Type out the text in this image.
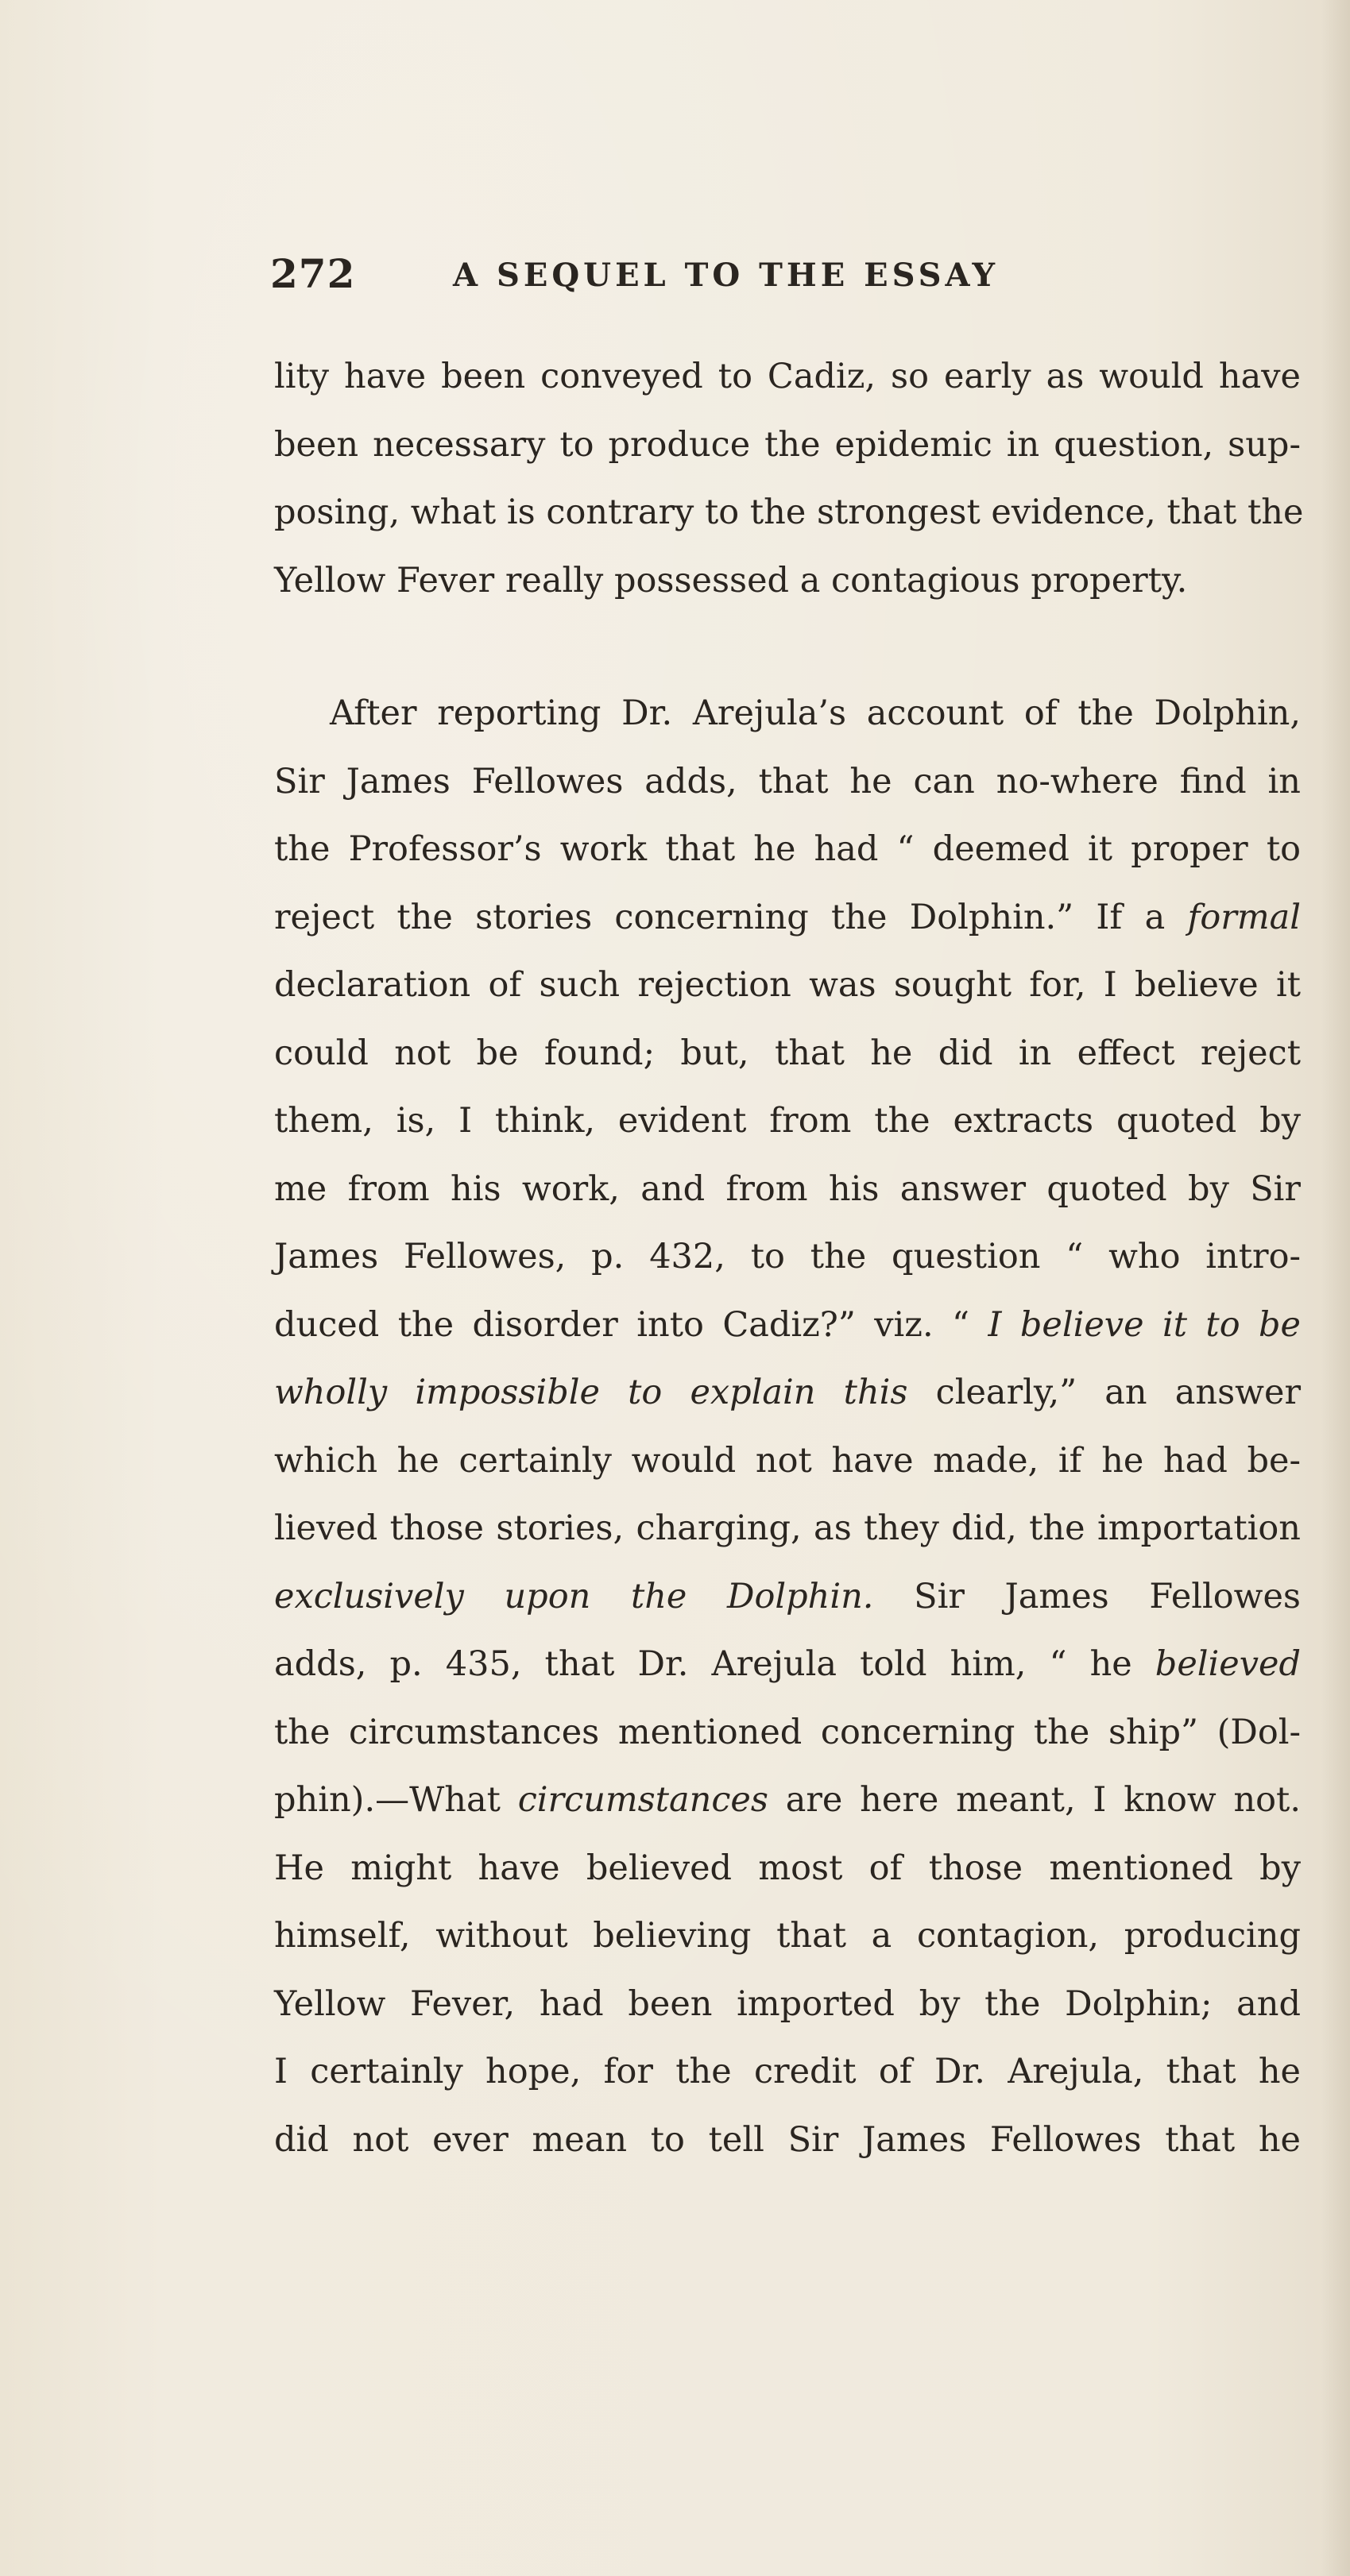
272	A SEQUEL TO THE ESSAY
lity have been conveyed to Cadiz, so early as would have
been necessary to produce the epidemic in question, sup-
posing, what is contrary to the strongest evidence, that the
Yellow Fever really possessed a contagious property.
After reporting Dr. Arejula’s account of the Dolphin,
Sir James Fellowes adds, that he can no-where find in
the Professor’s work that he had “ deemed it proper to
reject the stories concerning the Dolphin.” If a formal
declaration of such rejection was sought for, I believe it
could not be found; but, that he did in effect reject
them, is, I think, evident from the extracts quoted by
me from his work, and from his answer quoted by Sir
James Fellowes, p. 432, to the question “ who intro-
duced the disorder into Cadiz?” viz. “ I believe it to be
wholly impossible to explain this clearly,” an answer
which he certainly would not have made, if he had be-
lieved those stories, charging, as they did, the importation
exclusively upon the Dolphin. Sir James Fellowes
adds, p. 435, that Dr. Arejula told him, “ he believed
the circumstances mentioned concerning the ship” (Dol-
phin).—What circumstances are here meant, I know not.
He might have believed most of those mentioned by
himself, without believing that a contagion, producing
Yellow Fever, had been imported by the Dolphin; and
I certainly hope, for the credit of Dr. Arejula, that he
did not ever mean to tell Sir James Fellowes that he
